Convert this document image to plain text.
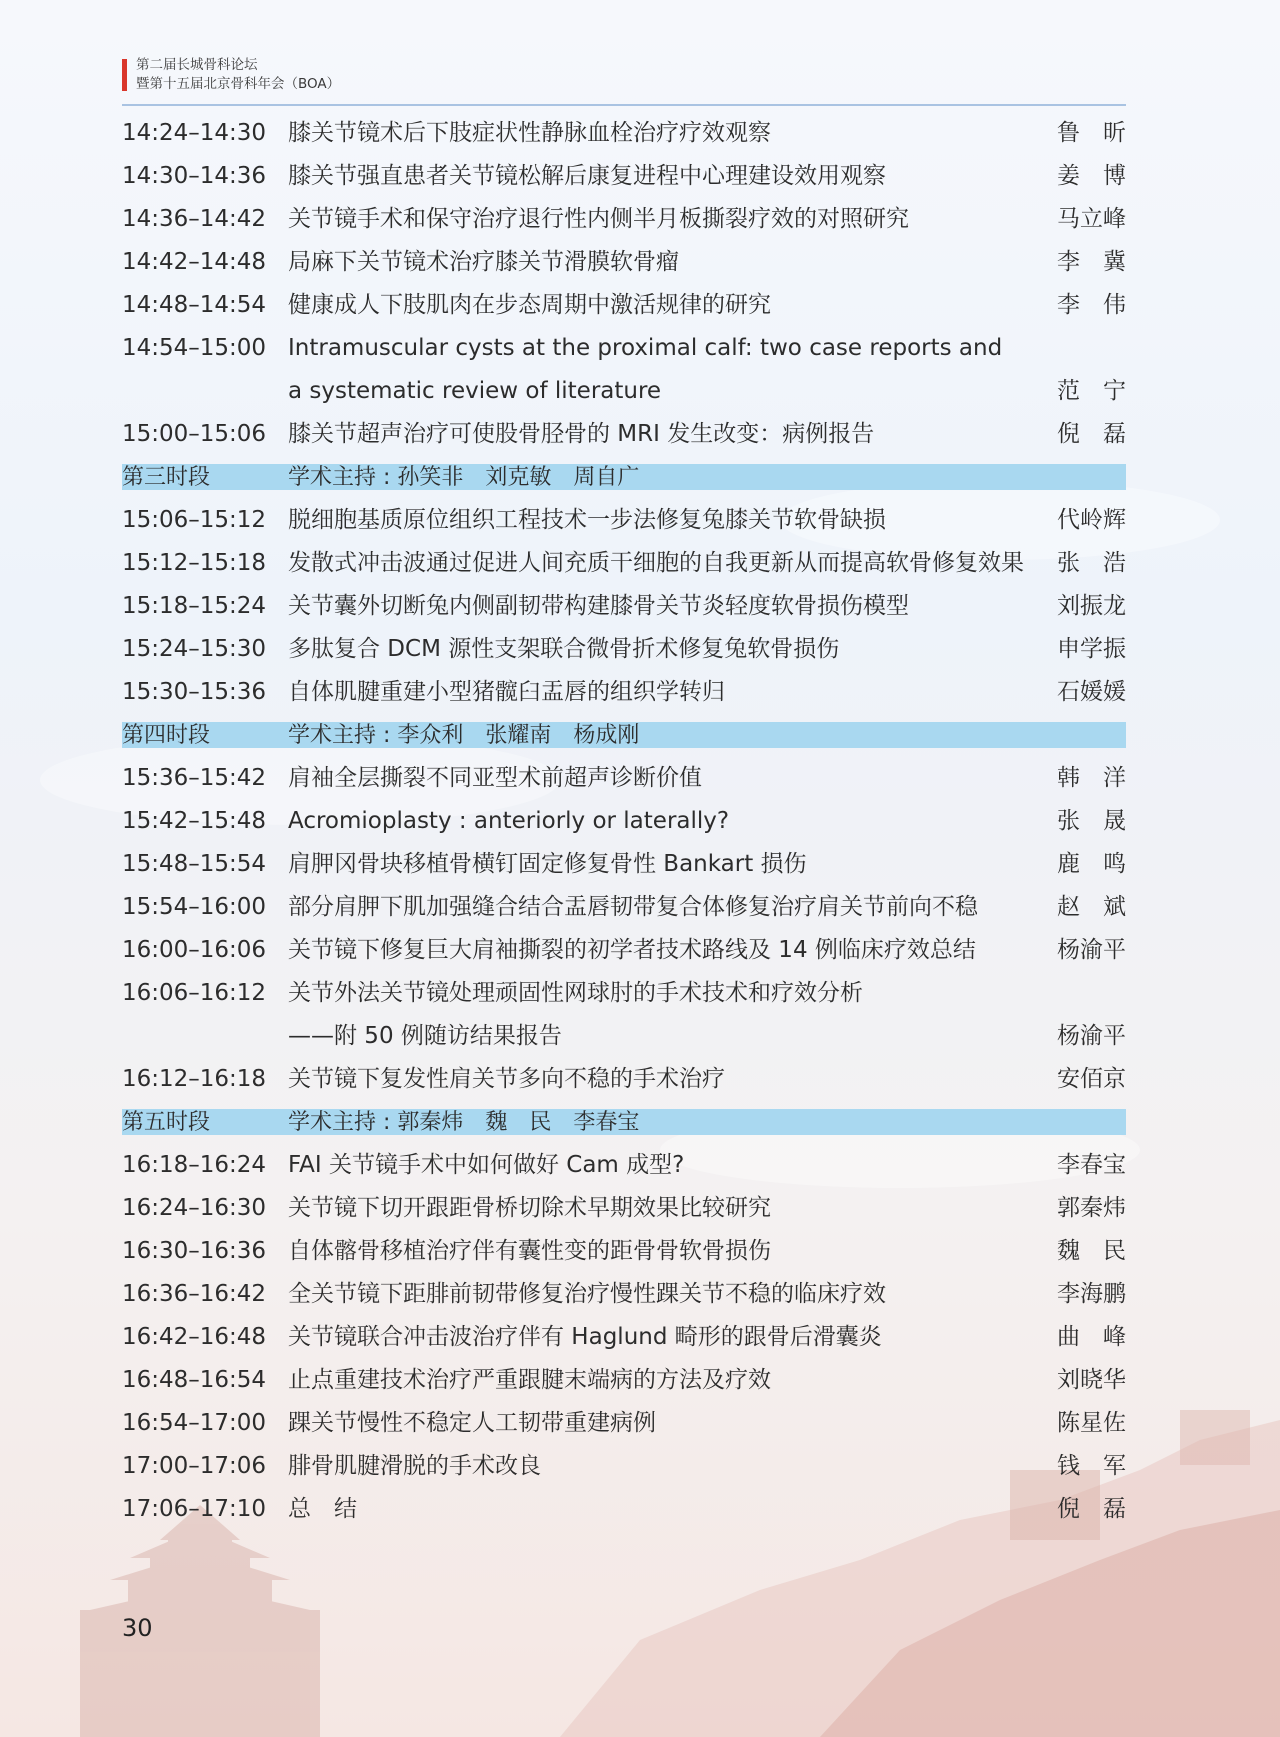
第二届长城骨科论坛
暨第十五届北京骨科年会（BOA）
14:24–14:30 膝关节镜术后下肢症状性静脉血栓治疗疗效观察	鲁　昕
14:30–14:36 膝关节强直患者关节镜松解后康复进程中心理建设效用观察	姜　博
14:36–14:42 关节镜手术和保守治疗退行性内侧半月板撕裂疗效的对照研究	马立峰
14:42–14:48 局麻下关节镜术治疗膝关节滑膜软骨瘤	李　冀
14:48–14:54 健康成人下肢肌肉在步态周期中激活规律的研究	李　伟
14:54–15:00 Intramuscular cysts at the proximal calf: two case reports and
a systematic review of literature	范　宁
15:00–15:06 膝关节超声治疗可使股骨胫骨的 MRI 发生改变：病例报告	倪　磊
第三时段	学术主持 : 孙笑非　刘克敏　周自广
15:06–15:12 脱细胞基质原位组织工程技术一步法修复兔膝关节软骨缺损	代岭辉
15:12–15:18 发散式冲击波通过促进人间充质干细胞的自我更新从而提高软骨修复效果	张　浩
15:18–15:24 关节囊外切断兔内侧副韧带构建膝骨关节炎轻度软骨损伤模型	刘振龙
15:24–15:30 多肽复合 DCM 源性支架联合微骨折术修复兔软骨损伤	申学振
15:30–15:36 自体肌腱重建小型猪髋臼盂唇的组织学转归	石媛媛
第四时段	学术主持 : 李众利　张耀南　杨成刚
15:36–15:42 肩袖全层撕裂不同亚型术前超声诊断价值	韩　洋
15:42–15:48 Acromioplasty : anteriorly or laterally?	张　晟
15:48–15:54 肩胛冈骨块移植骨横钉固定修复骨性 Bankart 损伤	鹿　鸣
15:54–16:00 部分肩胛下肌加强缝合结合盂唇韧带复合体修复治疗肩关节前向不稳	赵　斌
16:00–16:06 关节镜下修复巨大肩袖撕裂的初学者技术路线及 14 例临床疗效总结	杨渝平
16:06–16:12 关节外法关节镜处理顽固性网球肘的手术技术和疗效分析
——附 50 例随访结果报告	杨渝平
16:12–16:18 关节镜下复发性肩关节多向不稳的手术治疗	安佰京
第五时段	学术主持 : 郭秦炜　魏　民　李春宝
16:18–16:24 FAI 关节镜手术中如何做好 Cam 成型?	李春宝
16:24–16:30 关节镜下切开跟距骨桥切除术早期效果比较研究	郭秦炜
16:30–16:36 自体髂骨移植治疗伴有囊性变的距骨骨软骨损伤	魏　民
16:36–16:42 全关节镜下距腓前韧带修复治疗慢性踝关节不稳的临床疗效	李海鹏
16:42–16:48 关节镜联合冲击波治疗伴有 Haglund 畸形的跟骨后滑囊炎	曲　峰
16:48–16:54 止点重建技术治疗严重跟腱末端病的方法及疗效	刘晓华
16:54–17:00 踝关节慢性不稳定人工韧带重建病例	陈星佐
17:00–17:06 腓骨肌腱滑脱的手术改良	钱　军
17:06–17:10 总　结	倪　磊
30
